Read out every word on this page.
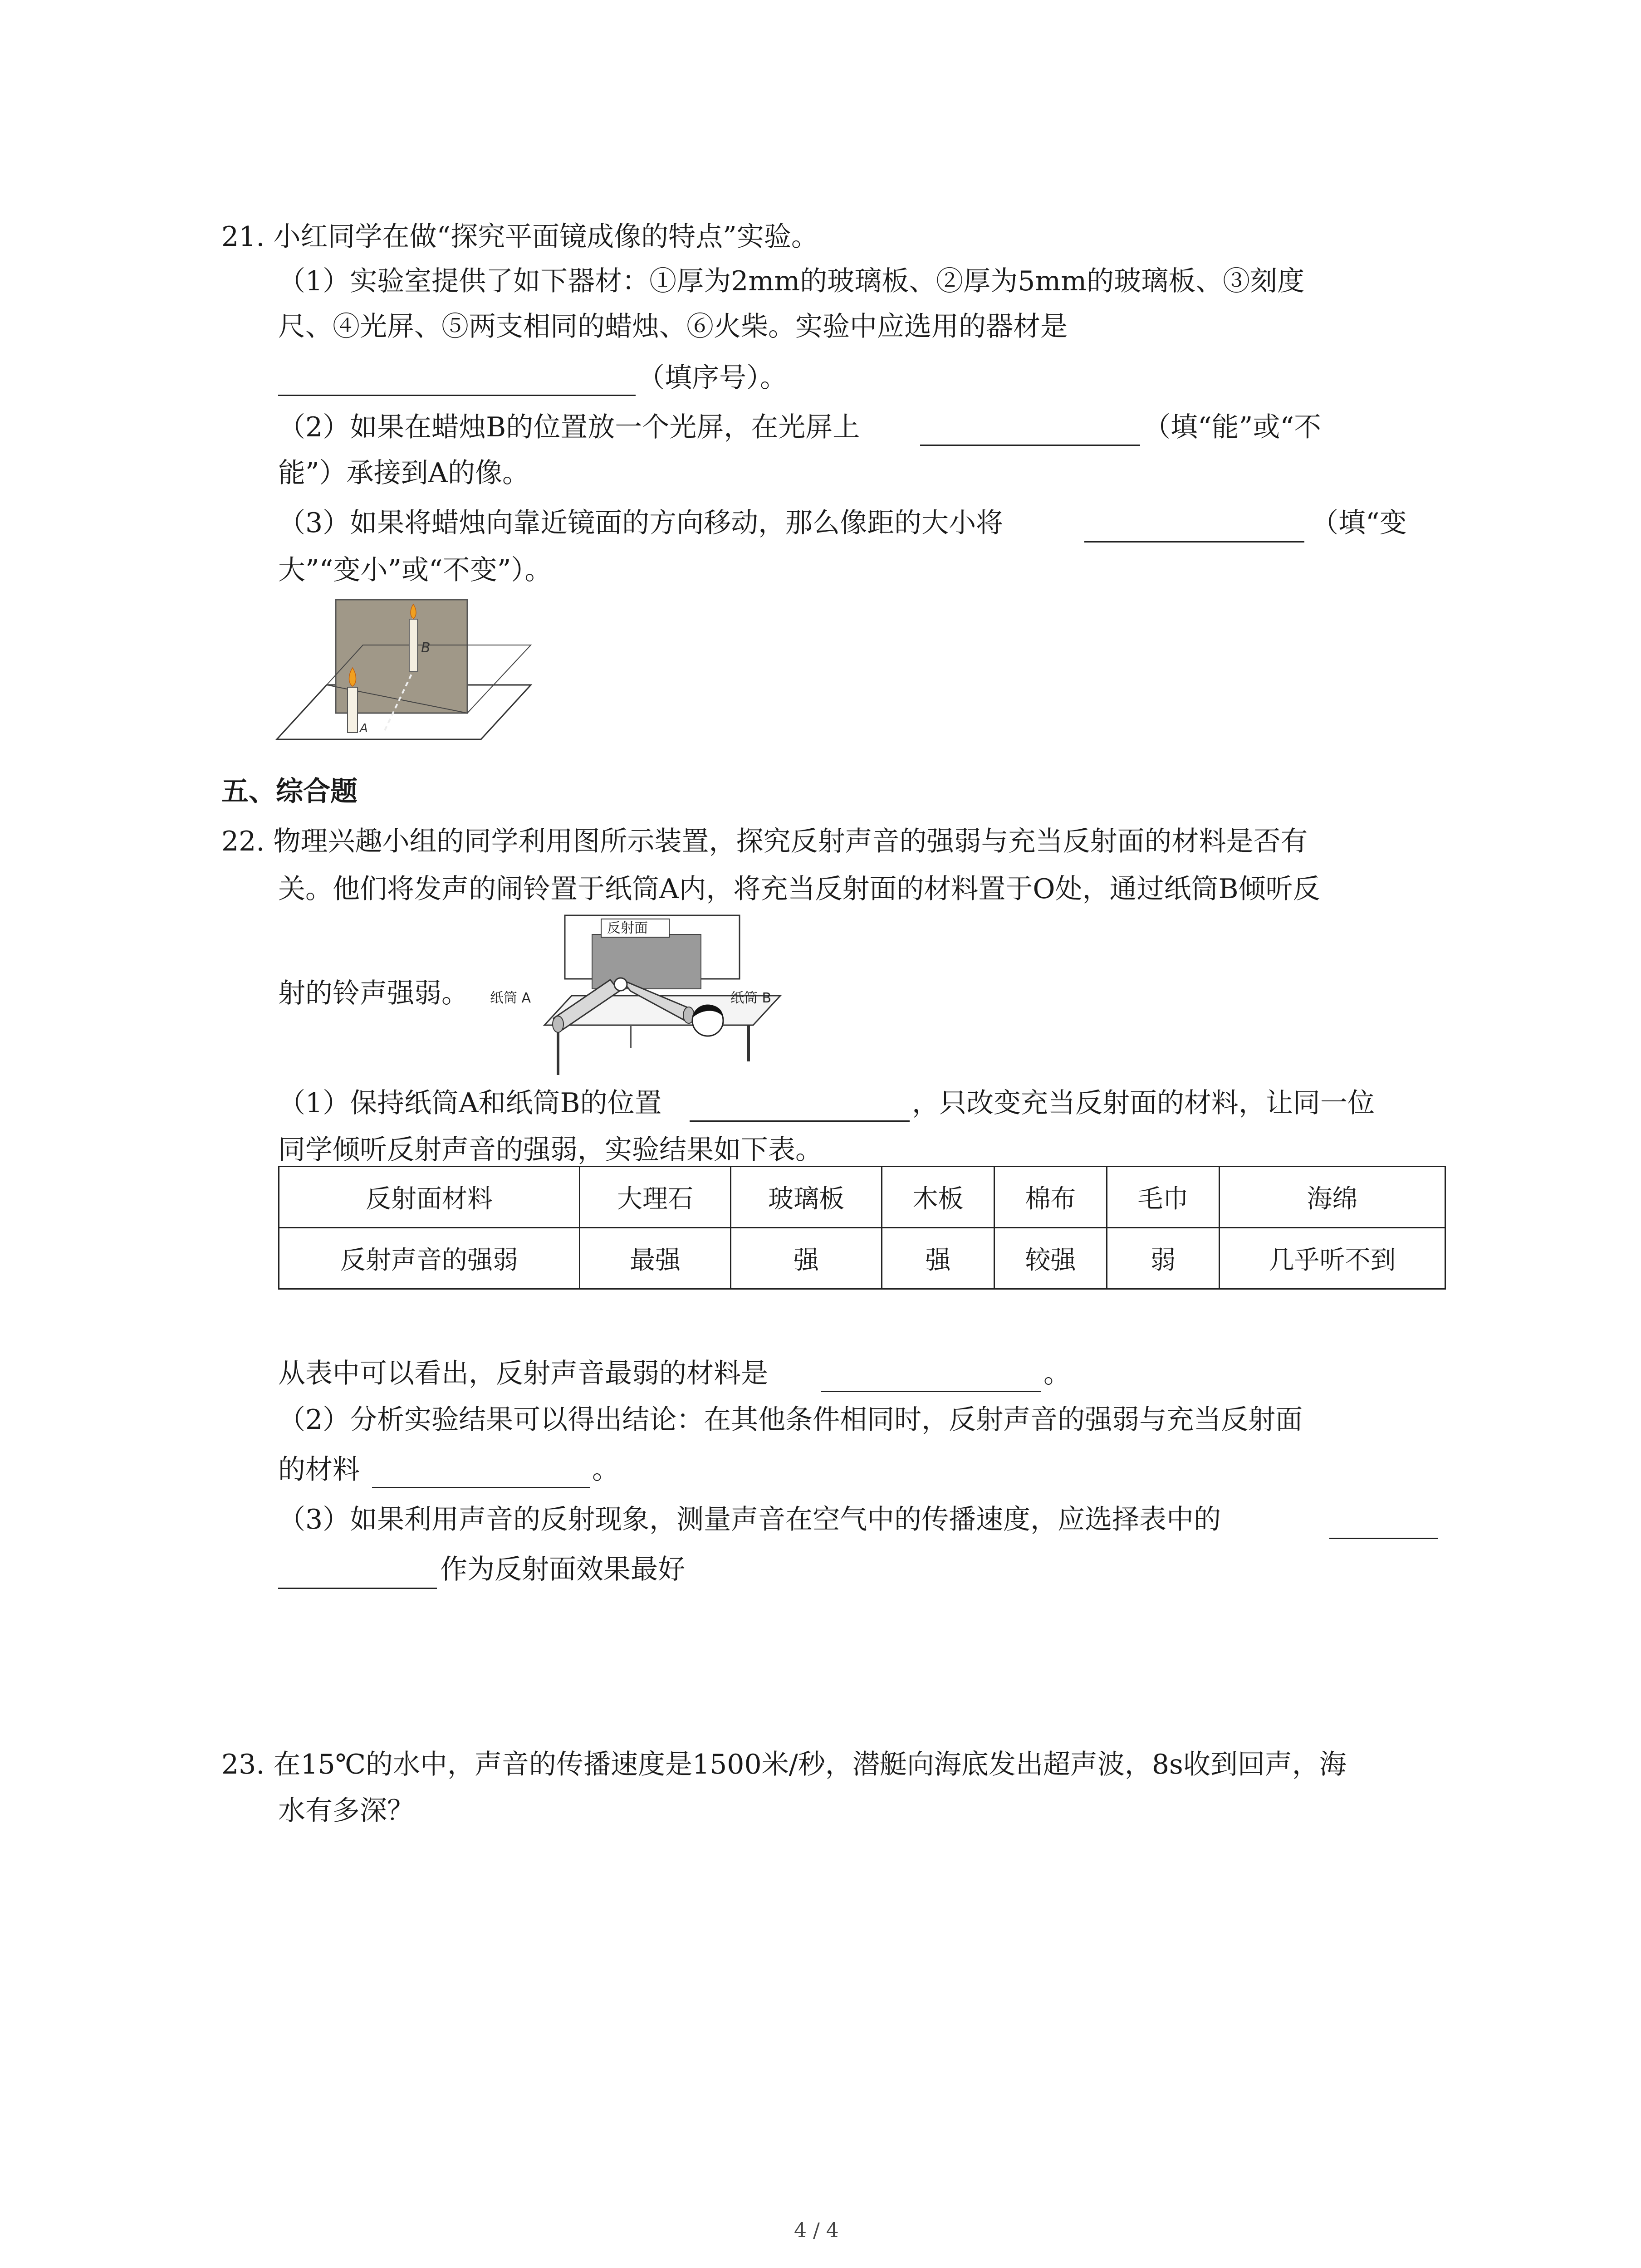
21. 小红同学在做“探究平面镜成像的特点”实验。
（1）实验室提供了如下器材：①厚为2mm的玻璃板、②厚为5mm的玻璃板、③刻度
尺、④光屏、⑤两支相同的蜡烛、⑥火柴。实验中应选用的器材是
（填序号）。
（2）如果在蜡烛B的位置放一个光屏，在光屏上	（填“能”或“不
能”）承接到A的像。
（3）如果将蜡烛向靠近镜面的方向移动，那么像距的大小将	（填“变
大”“变小”或“不变”）。
B
A
五、综合题
22. 物理兴趣小组的同学利用图所示装置，探究反射声音的强弱与充当反射面的材料是否有
关。他们将发声的闹铃置于纸筒A内，将充当反射面的材料置于O处，通过纸筒B倾听反
射的铃声强弱。
反射面
纸筒 A	纸筒 B
（1）保持纸筒A和纸筒B的位置	，只改变充当反射面的材料，让同一位
同学倾听反射声音的强弱，实验结果如下表。
反射面材料	大理石	玻璃板	木板	棉布	毛巾	海绵
反射声音的强弱	最强	强	强	较强	弱	几乎听不到
从表中可以看出，反射声音最弱的材料是	。
（2）分析实验结果可以得出结论：在其他条件相同时，反射声音的强弱与充当反射面
的材料	。
（3）如果利用声音的反射现象，测量声音在空气中的传播速度，应选择表中的
作为反射面效果最好
23. 在15℃的水中，声音的传播速度是1500米/秒，潜艇向海底发出超声波，8s收到回声，海
水有多深？
4 / 4
